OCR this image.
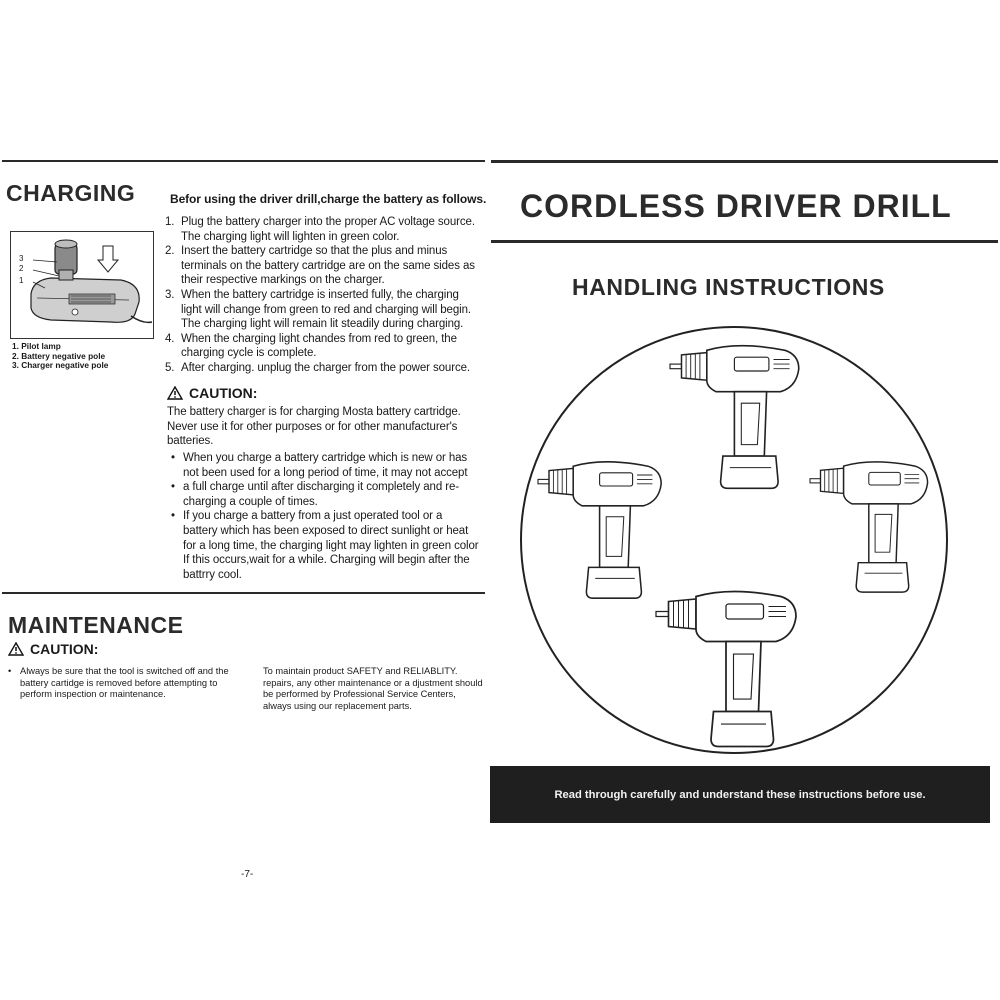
CHARGING	Befor using the driver drill,charge the battery as follows.
3
2
1
1. Pilot lamp
2. Battery negative pole
3. Charger negative pole
1. Plug the battery charger into the proper AC voltage source. The charging light will lighten in green color.
2. Insert the battery cartridge so that the plus and minus terminals on the battery cartridge are on the same sides as their respective markings on the charger.
3. When the battery cartridge is inserted fully, the charging light will change from green to red and charging will begin. The charging light will remain lit steadily during charging.
4. When the charging light chandes from red to green, the charging cycle is complete.
5. After charging. unplug the charger from the power source.
CAUTION:
The battery charger is for charging Mosta battery cartridge. Never use it for other purposes or for other manufacturer's batteries.
• When you charge a battery cartridge which is new or has not been used for a long period of time, it may not accept
• a full charge until after discharging it completely and re-charging a couple of times.
• If you charge a battery from a just operated tool or a battery which has been exposed to direct sunlight or heat for a long time, the charging light may lighten in green color If this occurs,wait for a while. Charging will begin after the battrry cool.
MAINTENANCE
CAUTION:
• Always be sure that the tool is switched off and the battery cartidge is removed before attempting to perform inspection or maintenance.
To maintain product SAFETY and RELIABLITY. repairs, any other maintenance or a djustment should be performed by Professional Service Centers, always using our replacement parts.
-7-
CORDLESS DRIVER DRILL
HANDLING INSTRUCTIONS
Read through carefully and understand these instructions before use.
